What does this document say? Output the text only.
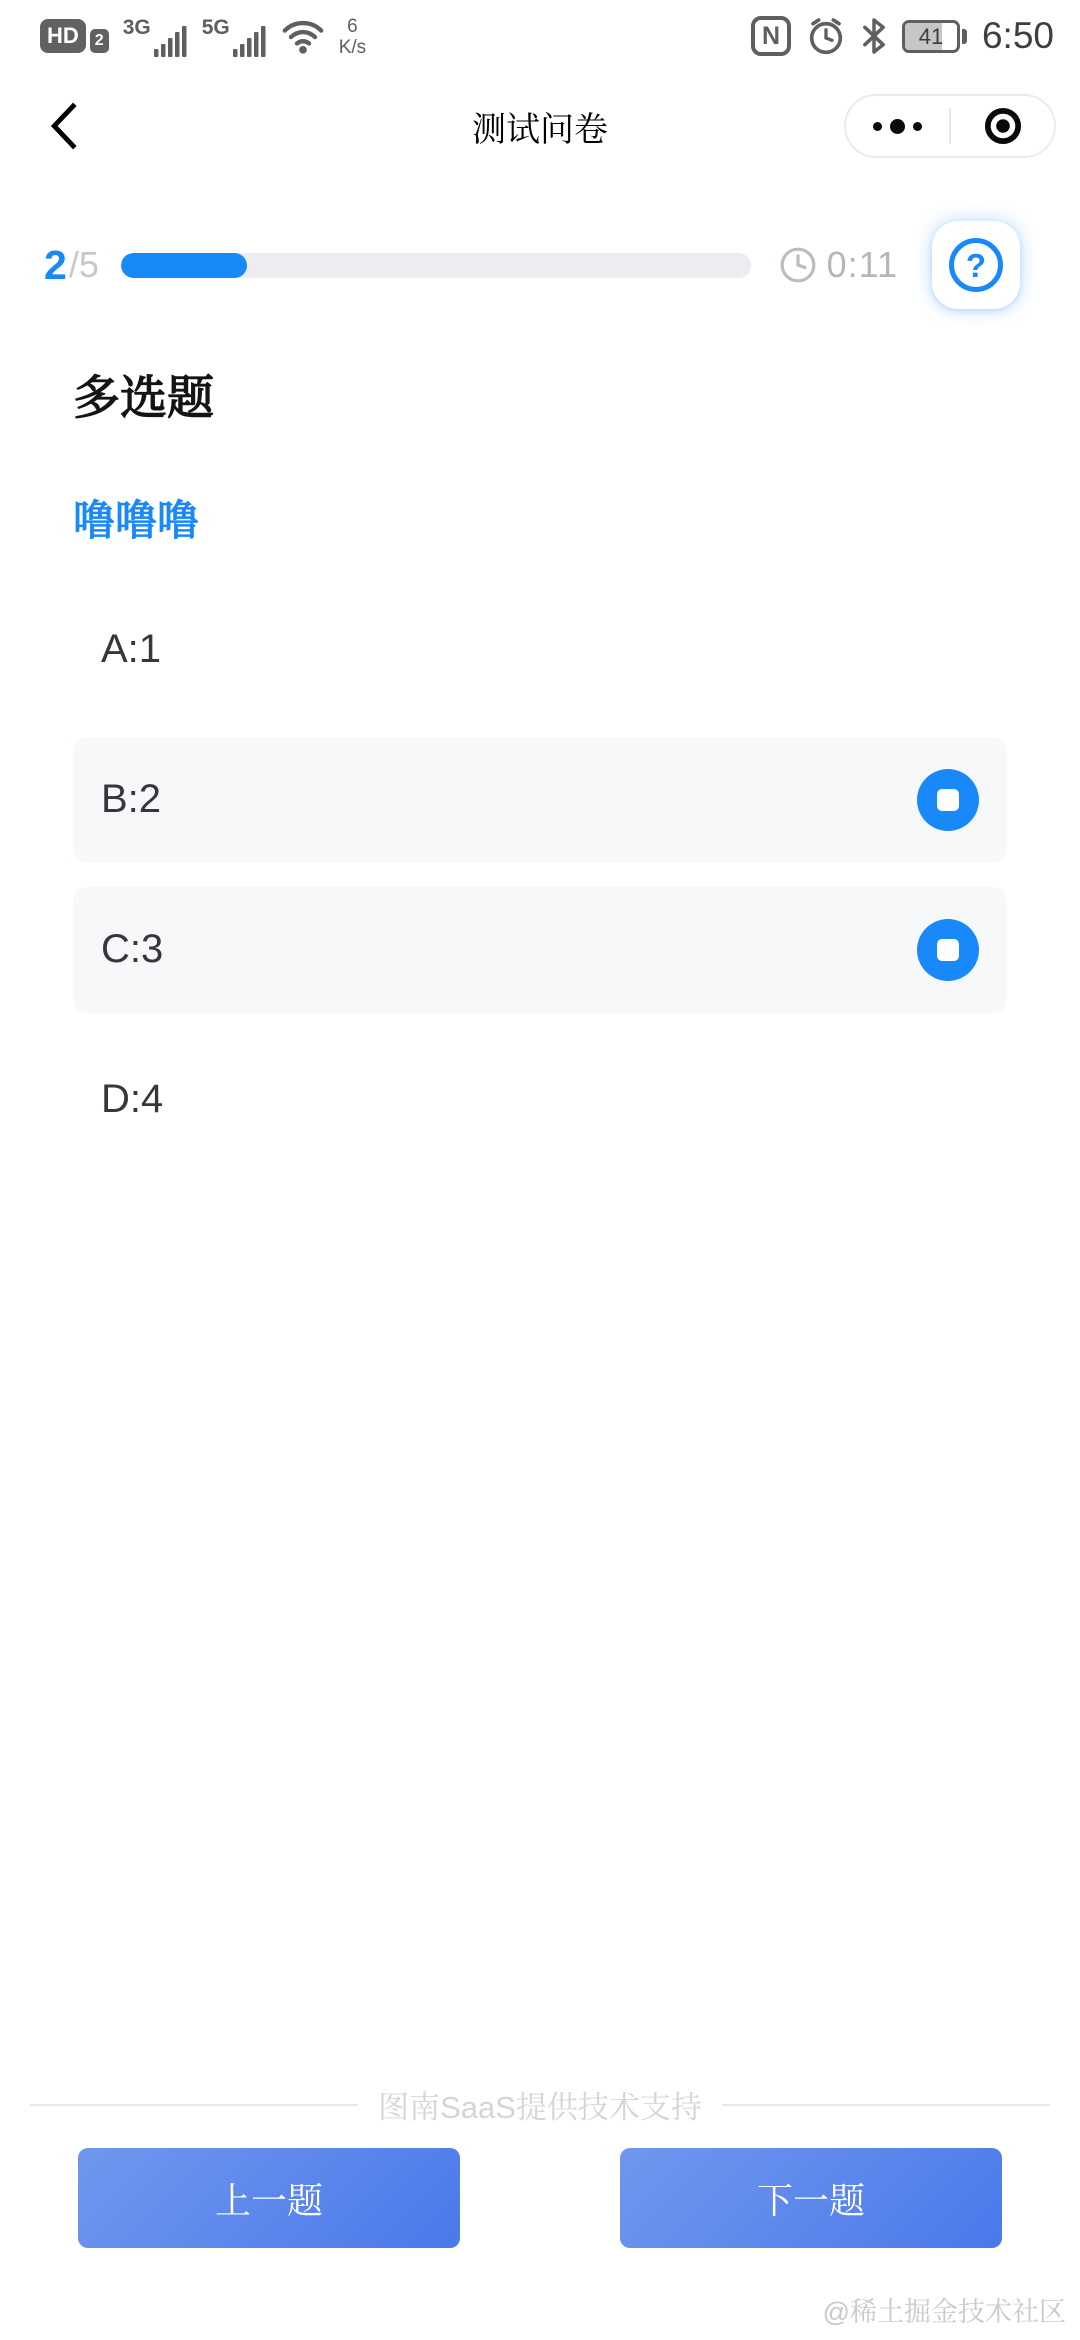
HD	2
3G 5G	6
K/s	N	41	6:50
测试问卷
2 /5	0:11	?
多选题
噜噜噜
A:1
B:2
C:3
D:4
图南SaaS提供技术支持
上一题	下一题
@稀土掘金技术社区
